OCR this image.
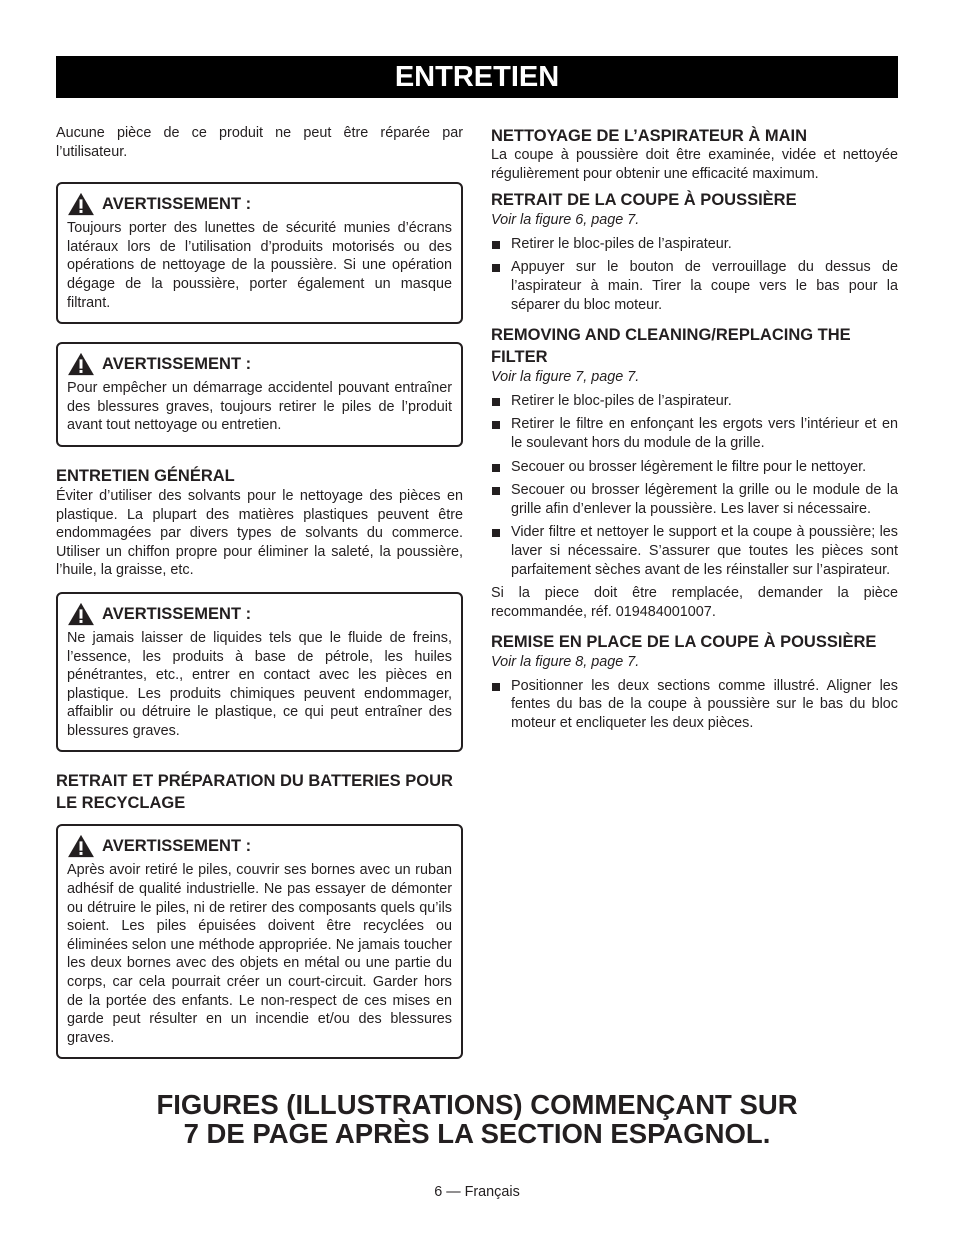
ENTRETIEN

Aucune pièce de ce produit ne peut être réparée par l’utilisateur.

AVERTISSEMENT :

Toujours porter des lunettes de sécurité munies d’écrans latéraux lors de l’utilisation d’produits motorisés ou des opérations de nettoyage de la poussière. Si une opération dégage de la poussière, porter également un masque filtrant.

AVERTISSEMENT :

Pour empêcher un démarrage accidentel pouvant entraîner des blessures graves, toujours retirer le piles de l’produit avant tout nettoyage ou entretien.

ENTRETIEN GÉNÉRAL

Éviter d’utiliser des solvants pour le nettoyage des pièces en plastique. La plupart des matières plastiques peuvent être endommagées par divers types de solvants du commerce. Utiliser un chiffon propre pour éliminer la saleté, la poussière, l’huile, la graisse, etc.

AVERTISSEMENT :

Ne jamais laisser de liquides tels que le fluide de freins, l’essence, les produits à base de pétrole, les huiles pénétrantes, etc., entrer en contact avec les pièces en plastique. Les produits chimiques peuvent endommager, affaiblir ou détruire le plastique, ce qui peut entraîner des blessures graves.

RETRAIT ET PRÉPARATION DU BATTERIES POUR LE RECYCLAGE
AVERTISSEMENT :

Après avoir retiré le piles, couvrir ses bornes avec un ruban adhésif de qualité industrielle. Ne pas essayer de démonter ou détruire le piles, ni de retirer des composants quels qu’ils soient. Les piles épuisées doivent être recyclées ou éliminées selon une méthode appropriée. Ne jamais toucher les deux bornes avec des objets en métal ou une partie du corps, car cela pourrait créer un court-circuit. Garder hors de la portée des enfants. Le non-respect de ces mises en garde peut résulter en un incendie et/ou des blessures graves.

NETTOYAGE DE L’ASPIRATEUR À MAIN

La coupe à poussière doit être examinée, vidée et nettoyée régulièrement pour obtenir une efficacité maximum.

RETRAIT DE LA COUPE À POUSSIÈRE

Voir la figure 6, page 7.

Retirer le bloc-piles de l’aspirateur.
Appuyer sur le bouton de verrouillage du dessus de l’aspirateur à main. Tirer la coupe vers le bas pour la séparer du bloc moteur.
REMOVING AND CLEANING/REPLACING THE FILTER

Voir la figure 7, page 7.

Retirer le bloc-piles de l’aspirateur.
Retirer le filtre en enfonçant les ergots vers l’intérieur et en le soulevant hors du module de la grille.
Secouer ou brosser légèrement le filtre pour le nettoyer.
Secouer ou brosser légèrement la grille ou le module de la grille afin d’enlever la poussière. Les laver si nécessaire.
Vider filtre et nettoyer le support et la coupe à poussière; les laver si nécessaire. S’assurer que toutes les pièces sont parfaitement sèches avant de les réinstaller sur l’aspirateur.

Si la piece doit être remplacée, demander la pièce recommandée, réf. 019484001007.

REMISE EN PLACE DE LA COUPE À POUSSIÈRE

Voir la figure 8, page 7.

Positionner les deux sections comme illustré. Aligner les fentes du bas de la coupe à poussière sur le bas du bloc moteur et encliqueter les deux pièces.
FIGURES (ILLUSTRATIONS) COMMENÇANT SUR
7 DE PAGE APRÈS LA SECTION ESPAGNOL.
6 — Français
